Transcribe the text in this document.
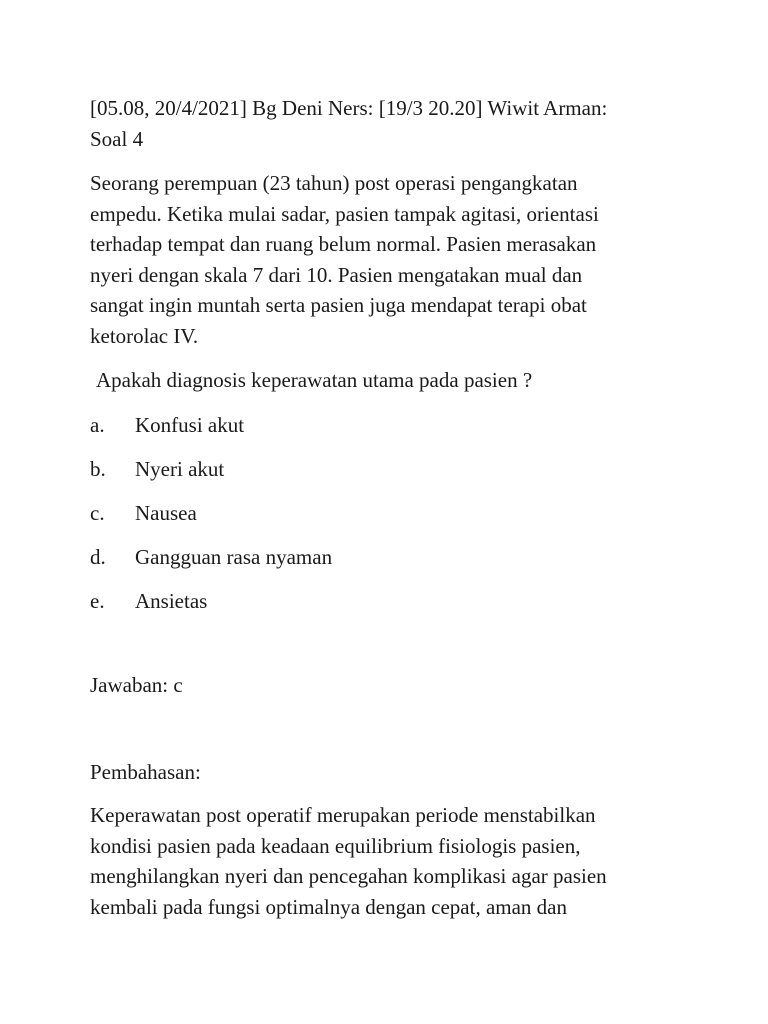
[05.08, 20/4/2021] Bg Deni Ners: [19/3 20.20] Wiwit Arman:
Soal 4

Seorang perempuan (23 tahun) post operasi pengangkatan
empedu. Ketika mulai sadar, pasien tampak agitasi, orientasi
terhadap tempat dan ruang belum normal. Pasien merasakan
nyeri dengan skala 7 dari 10. Pasien mengatakan mual dan
sangat ingin muntah serta pasien juga mendapat terapi obat
ketorolac IV.

Apakah diagnosis keperawatan utama pada pasien ?

a.	Konfusi akut
b.	Nyeri akut
c.	Nausea
d.	Gangguan rasa nyaman
e.	Ansietas

Jawaban: c

Pembahasan:

Keperawatan post operatif merupakan periode menstabilkan
kondisi pasien pada keadaan equilibrium fisiologis pasien,
menghilangkan nyeri dan pencegahan komplikasi agar pasien
kembali pada fungsi optimalnya dengan cepat, aman dan
